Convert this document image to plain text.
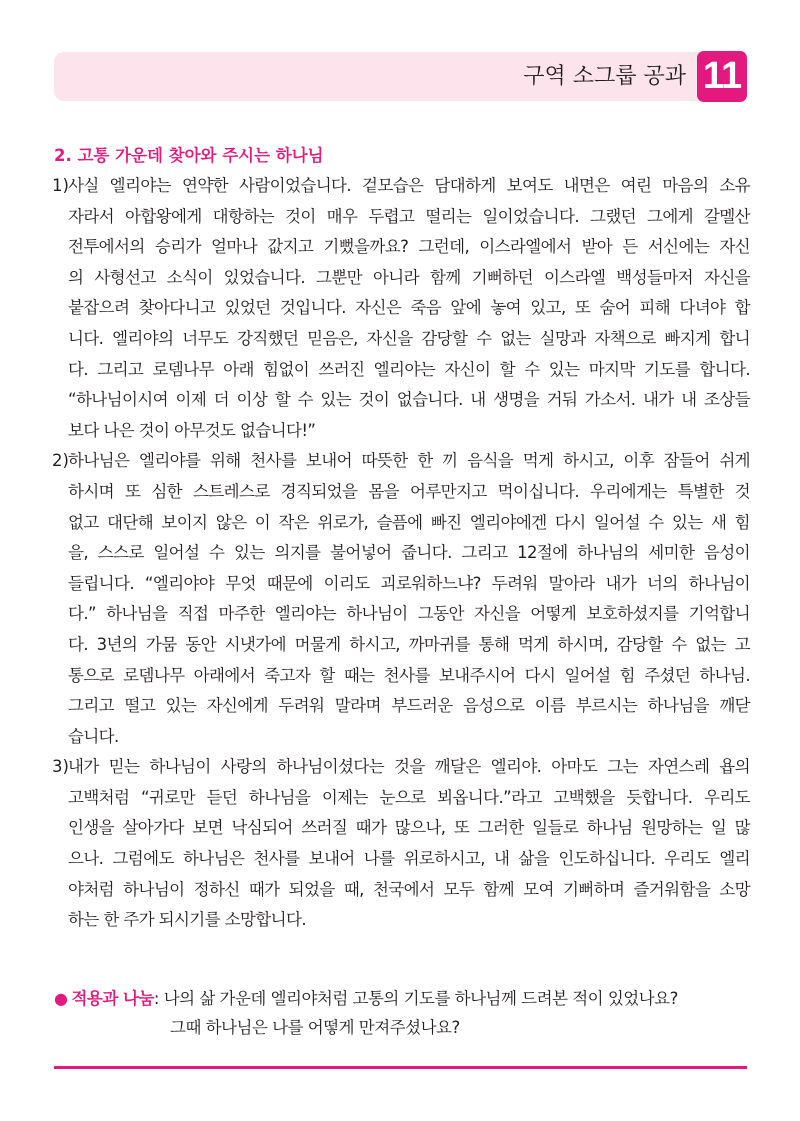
구역 소그룹 공과 11
2. 고통 가운데 찾아와 주시는 하나님
1) 사실 엘리야는 연약한 사람이었습니다. 겉모습은 담대하게 보여도 내면은 여린 마음의 소유
자라서 아합왕에게 대항하는 것이 매우 두렵고 떨리는 일이었습니다. 그랬던 그에게 갈멜산
전투에서의 승리가 얼마나 값지고 기뻤을까요? 그런데, 이스라엘에서 받아 든 서신에는 자신
의 사형선고 소식이 있었습니다. 그뿐만 아니라 함께 기뻐하던 이스라엘 백성들마저 자신을
붙잡으려 찾아다니고 있었던 것입니다. 자신은 죽음 앞에 놓여 있고, 또 숨어 피해 다녀야 합
니다. 엘리야의 너무도 강직했던 믿음은, 자신을 감당할 수 없는 실망과 자책으로 빠지게 합니
다. 그리고 로뎀나무 아래 힘없이 쓰러진 엘리야는 자신이 할 수 있는 마지막 기도를 합니다.
“하나님이시여 이제 더 이상 할 수 있는 것이 없습니다. 내 생명을 거둬 가소서. 내가 내 조상들
보다 나은 것이 아무것도 없습니다!”
2) 하나님은 엘리야를 위해 천사를 보내어 따뜻한 한 끼 음식을 먹게 하시고, 이후 잠들어 쉬게
하시며 또 심한 스트레스로 경직되었을 몸을 어루만지고 먹이십니다. 우리에게는 특별한 것
없고 대단해 보이지 않은 이 작은 위로가, 슬픔에 빠진 엘리야에겐 다시 일어설 수 있는 새 힘
을, 스스로 일어설 수 있는 의지를 불어넣어 줍니다. 그리고 12절에 하나님의 세미한 음성이
들립니다. “엘리야야 무엇 때문에 이리도 괴로워하느냐? 두려워 말아라 내가 너의 하나님이
다.” 하나님을 직접 마주한 엘리야는 하나님이 그동안 자신을 어떻게 보호하셨지를 기억합니
다. 3년의 가뭄 동안 시냇가에 머물게 하시고, 까마귀를 통해 먹게 하시며, 감당할 수 없는 고
통으로 로뎀나무 아래에서 죽고자 할 때는 천사를 보내주시어 다시 일어설 힘 주셨던 하나님.
그리고 떨고 있는 자신에게 두려워 말라며 부드러운 음성으로 이름 부르시는 하나님을 깨닫
습니다.
3) 내가 믿는 하나님이 사랑의 하나님이셨다는 것을 깨달은 엘리야. 아마도 그는 자연스레 욥의
고백처럼 “귀로만 듣던 하나님을 이제는 눈으로 뵈옵니다.”라고 고백했을 듯합니다. 우리도
인생을 살아가다 보면 낙심되어 쓰러질 때가 많으나, 또 그러한 일들로 하나님 원망하는 일 많
으나. 그럼에도 하나님은 천사를 보내어 나를 위로하시고, 내 삶을 인도하십니다. 우리도 엘리
야처럼 하나님이 정하신 때가 되었을 때, 천국에서 모두 함께 모여 기뻐하며 즐거워함을 소망
하는 한 주가 되시기를 소망합니다.
● 적용과 나눔: 나의 삶 가운데 엘리야처럼 고통의 기도를 하나님께 드려본 적이 있었나요?
그때 하나님은 나를 어떻게 만져주셨나요?
